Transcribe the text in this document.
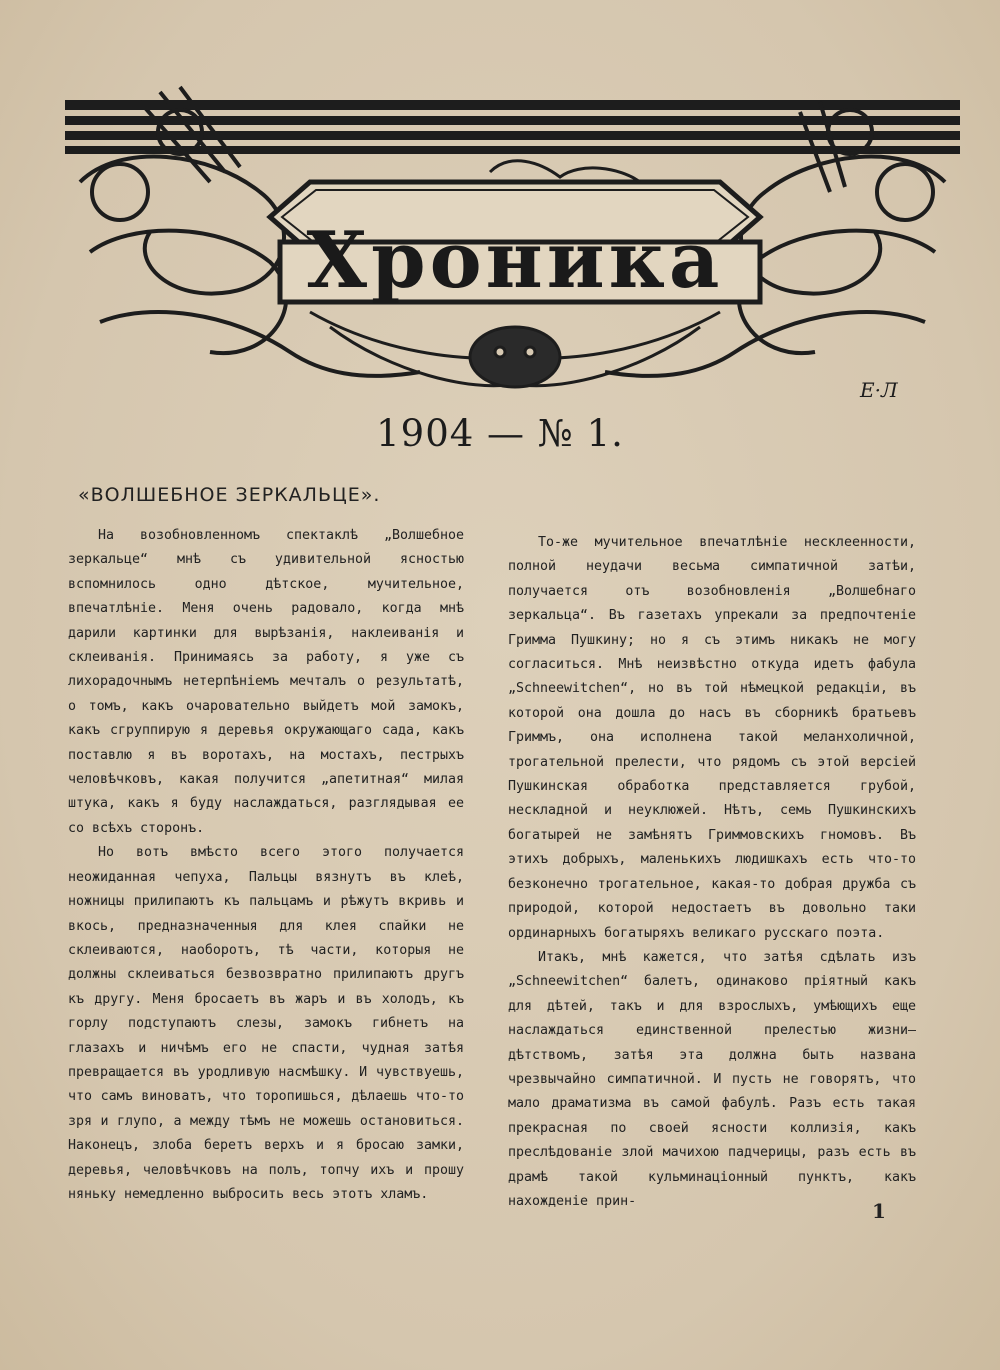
Хроника
Е·Л
1904 — № 1.
«ВОЛШЕБНОЕ ЗЕРКАЛЬЦЕ».

На возобновленномъ спектаклѣ „Волшебное зеркальце“ мнѣ съ удивительной ясностью вспомнилось одно дѣтское, мучительное, впечатлѣніе. Меня очень радовало, когда мнѣ дарили картинки для вырѣзанія, наклеиванія и склеиванія. Принимаясь за работу, я уже съ лихорадочнымъ нетерпѣніемъ мечталъ о результатѣ, о томъ, какъ очаровательно выйдетъ мой замокъ, какъ сгруппирую я деревья окружающаго сада, какъ поставлю я въ воротахъ, на мостахъ, пестрыхъ человѣчковъ, какая получится „апетитная“ милая штука, какъ я буду наслаждаться, разглядывая ее со всѣхъ сторонъ.

Но вотъ вмѣсто всего этого получается неожиданная чепуха, Пальцы вязнутъ въ клеѣ, ножницы прилипаютъ къ пальцамъ и рѣжутъ вкривь и вкось, предназначенныя для клея спайки не склеиваются, наоборотъ, тѣ части, которыя не должны склеиваться безвозвратно прилипаютъ другъ къ другу. Меня бросаетъ въ жаръ и въ холодъ, къ горлу подступаютъ слезы, замокъ гибнетъ на глазахъ и ничѣмъ его не спасти, чудная затѣя превращается въ уродливую насмѣшку. И чувствуешь, что самъ виноватъ, что торопишься, дѣлаешь что-то зря и глупо, а между тѣмъ не можешь остановиться. Наконецъ, злоба беретъ верхъ и я бросаю замки, деревья, человѣчковъ на полъ, топчу ихъ и прошу няньку немедленно выбросить весь этотъ хламъ.

То-же мучительное впечатлѣніе несклеенности, полной неудачи весьма симпатичной затѣи, получается отъ возобновленія „Волшебнаго зеркальца“. Въ газетахъ упрекали за предпочтеніе Гримма Пушкину; но я съ этимъ никакъ не могу согласиться. Мнѣ неизвѣстно откуда идетъ фабула „Schneewitchen“, но въ той нѣмецкой редакціи, въ которой она дошла до насъ въ сборникѣ братьевъ Гриммъ, она исполнена такой меланхоличной, трогательной прелести, что рядомъ съ этой версіей Пушкинская обработка представляется грубой, нескладной и неуклюжей. Нѣтъ, семь Пушкинскихъ богатырей не замѣнятъ Гриммовскихъ гномовъ. Въ этихъ добрыхъ, маленькихъ людишкахъ есть что-то безконечно трогательное, какая-то добрая дружба съ природой, которой недостаетъ въ довольно таки ординарныхъ богатыряхъ великаго русскаго поэта.

Итакъ, мнѣ кажется, что затѣя сдѣлать изъ „Schneewitchen“ балетъ, одинаково пріятный какъ для дѣтей, такъ и для взрослыхъ, умѣющихъ еще наслаждаться единственной прелестью жизни—дѣтствомъ, затѣя эта должна быть названа чрезвычайно симпатичной. И пусть не говорятъ, что мало драматизма въ самой фабулѣ. Разъ есть такая прекрасная по своей ясности коллизія, какъ преслѣдованіе злой мачихою падчерицы, разъ есть въ драмѣ такой кульминаціонный пунктъ, какъ нахожденіе прин-	1
